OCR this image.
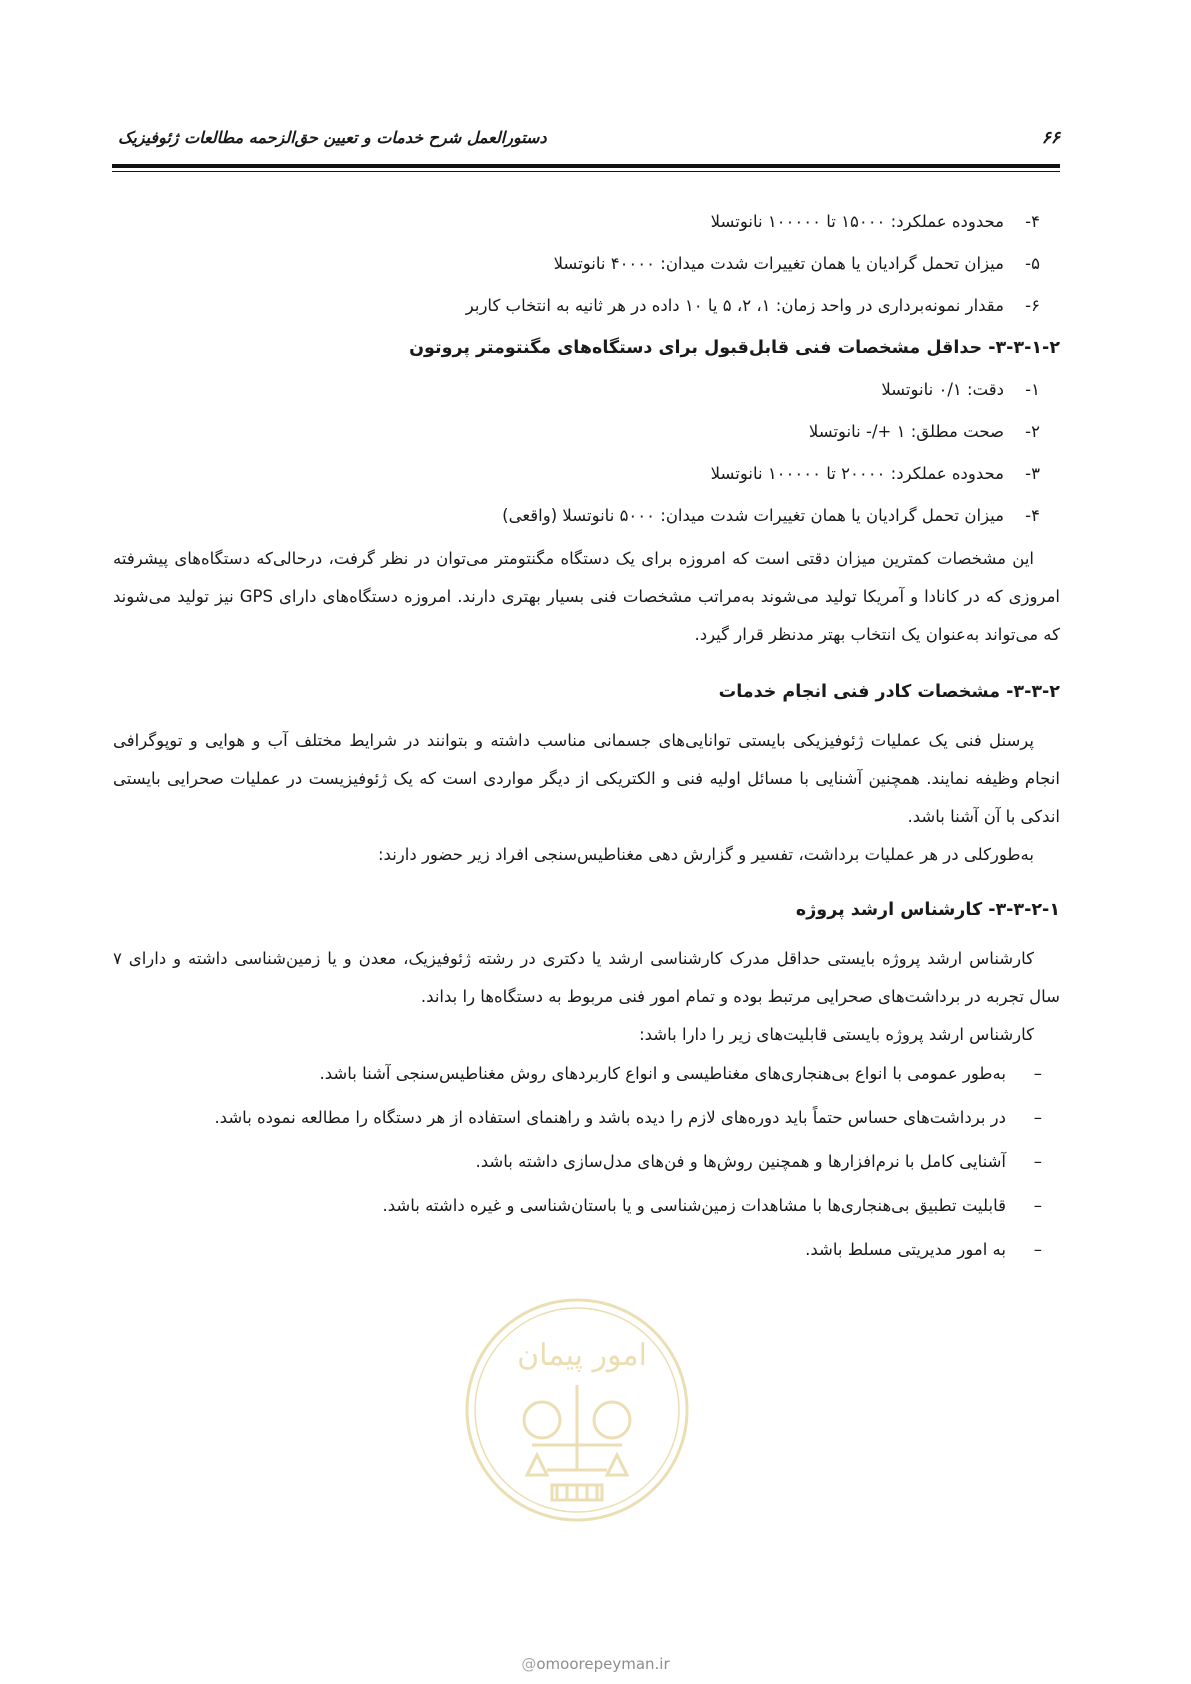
دستورالعمل شرح خدمات و تعیین حق‌الزحمه مطالعات ژئوفیزیک	۶۶
۴-
محدوده عملکرد: ۱۵۰۰۰ تا ۱۰۰۰۰۰ نانوتسلا
۵-
میزان تحمل گرادیان یا همان تغییرات شدت میدان: ۴۰۰۰۰ نانوتسلا
۶-
مقدار نمونه‌برداری در واحد زمان: ۱، ۲، ۵ یا ۱۰ داده در هر ثانیه به انتخاب کاربر
۳-۳-۱-۲- حداقل مشخصات فنی قابل‌قبول برای دستگاه‌های مگنتومتر پروتون
۱-
دقت: ۰/۱ نانوتسلا
۲-
صحت مطلق: ۱ +/- نانوتسلا
۳-
محدوده عملکرد: ۲۰۰۰۰ تا ۱۰۰۰۰۰ نانوتسلا
۴-
میزان تحمل گرادیان یا همان تغییرات شدت میدان: ۵۰۰۰ نانوتسلا (واقعی)

این مشخصات کمترین میزان دقتی است که امروزه برای یک دستگاه مگنتومتر می‌توان در نظر گرفت، درحالی‌که دستگاه‌های پیشرفته امروزی که در کانادا و آمریکا تولید می‌شوند به‌مراتب مشخصات فنی بسیار بهتری دارند. امروزه دستگاه‌های دارای GPS نیز تولید می‌شوند که می‌تواند به‌عنوان یک انتخاب بهتر مدنظر قرار گیرد.

۳-۳-۲- مشخصات کادر فنی انجام خدمات

پرسنل فنی یک عملیات ژئوفیزیکی بایستی توانایی‌های جسمانی مناسب داشته و بتوانند در شرایط مختلف آب و هوایی و توپوگرافی انجام وظیفه نمایند. همچنین آشنایی با مسائل اولیه فنی و الکتریکی از دیگر مواردی است که یک ژئوفیزیست در عملیات صحرایی بایستی اندکی با آن آشنا باشد.

به‌طورکلی در هر عملیات برداشت، تفسیر و گزارش دهی مغناطیس‌سنجی افراد زیر حضور دارند:

۳-۳-۲-۱- کارشناس ارشد پروژه

کارشناس ارشد پروژه بایستی حداقل مدرک کارشناسی ارشد یا دکتری در رشته ژئوفیزیک، معدن و یا زمین‌شناسی داشته و دارای ۷ سال تجربه در برداشت‌های صحرایی مرتبط بوده و تمام امور فنی مربوط به دستگاه‌ها را بداند.

کارشناس ارشد پروژه بایستی قابلیت‌های زیر را دارا باشد:

–
به‌طور عمومی با انواع بی‌هنجاری‌های مغناطیسی و انواع کاربردهای روش مغناطیس‌سنجی آشنا باشد.
–
در برداشت‌های حساس حتماً باید دوره‌های لازم را دیده باشد و راهنمای استفاده از هر دستگاه را مطالعه نموده باشد.
–
آشنایی کامل با نرم‌افزارها و همچنین روش‌ها و فن‌های مدل‌سازی داشته باشد.
–
قابلیت تطبیق بی‌هنجاری‌ها با مشاهدات زمین‌شناسی و یا باستان‌شناسی و غیره داشته باشد.
–
به امور مدیریتی مسلط باشد.
امور پیمان
@omoorepeyman.ir
